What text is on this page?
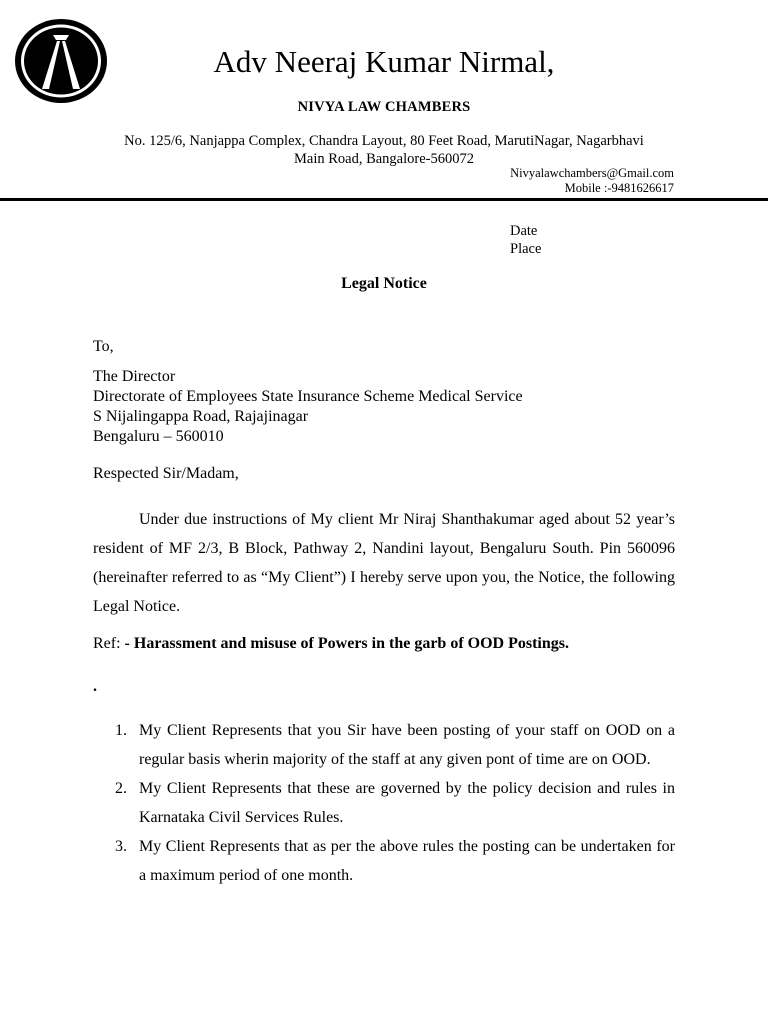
Adv Neeraj Kumar Nirmal,
NIVYA LAW CHAMBERS
No. 125/6, Nanjappa Complex, Chandra Layout, 80 Feet Road, MarutiNagar, Nagarbhavi
Main Road, Bangalore-560072
Nivyalawchambers@Gmail.com
Mobile :-9481626617
Date
Place
Legal Notice
To,
The Director
Directorate of Employees State Insurance Scheme Medical Service
S Nijalingappa Road, Rajajinagar
Bengaluru – 560010
Respected Sir/Madam,
Under due instructions of My client Mr Niraj Shanthakumar aged about 52 year’s resident of MF 2/3, B Block, Pathway 2, Nandini layout, Bengaluru South. Pin 560096 (hereinafter referred to as “My Client”) I hereby serve upon you, the Notice, the following Legal Notice.
Ref: - Harassment and misuse of Powers in the garb of OOD Postings.
.
1. My Client Represents that you Sir have been posting of your staff on OOD on a regular basis wherin majority of the staff at any given pont of time are on OOD.
2. My Client Represents that these are governed by the policy decision and rules in Karnataka Civil Services Rules.
3. My Client Represents that as per the above rules the posting can be undertaken for a maximum period of one month.
